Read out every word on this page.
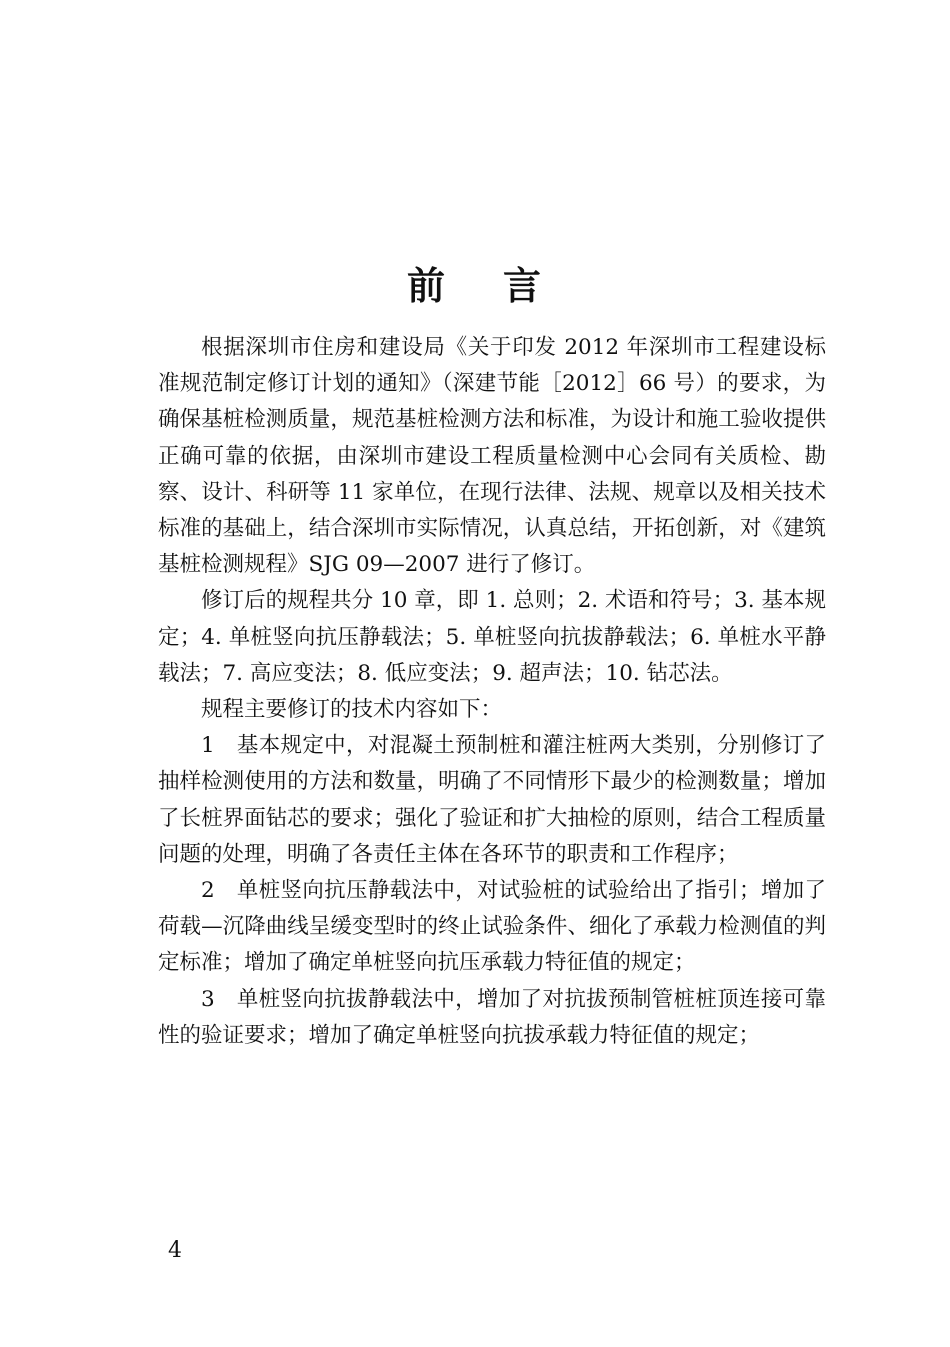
前 言

根据深圳市住房和建设局《关于印发 2012 年深圳市工程建设标准规范制定修订计划的通知》（深建节能［2012］66 号）的要求，为确保基桩检测质量，规范基桩检测方法和标准，为设计和施工验收提供正确可靠的依据，由深圳市建设工程质量检测中心会同有关质检、勘察、设计、科研等 11 家单位，在现行法律、法规、规章以及相关技术标准的基础上，结合深圳市实际情况，认真总结，开拓创新，对《建筑基桩检测规程》SJG 09—2007 进行了修订。

修订后的规程共分 10 章，即 1. 总则；2. 术语和符号；3. 基本规定；4. 单桩竖向抗压静载法；5. 单桩竖向抗拔静载法；6. 单桩水平静载法；7. 高应变法；8. 低应变法；9. 超声法；10. 钻芯法。

规程主要修订的技术内容如下：

1　基本规定中，对混凝土预制桩和灌注桩两大类别，分别修订了抽样检测使用的方法和数量，明确了不同情形下最少的检测数量；增加了长桩界面钻芯的要求；强化了验证和扩大抽检的原则，结合工程质量问题的处理，明确了各责任主体在各环节的职责和工作程序；

2　单桩竖向抗压静载法中，对试验桩的试验给出了指引；增加了荷载—沉降曲线呈缓变型时的终止试验条件、细化了承载力检测值的判定标准；增加了确定单桩竖向抗压承载力特征值的规定；

3　单桩竖向抗拔静载法中，增加了对抗拔预制管桩桩顶连接可靠性的验证要求；增加了确定单桩竖向抗拔承载力特征值的规定；

4
